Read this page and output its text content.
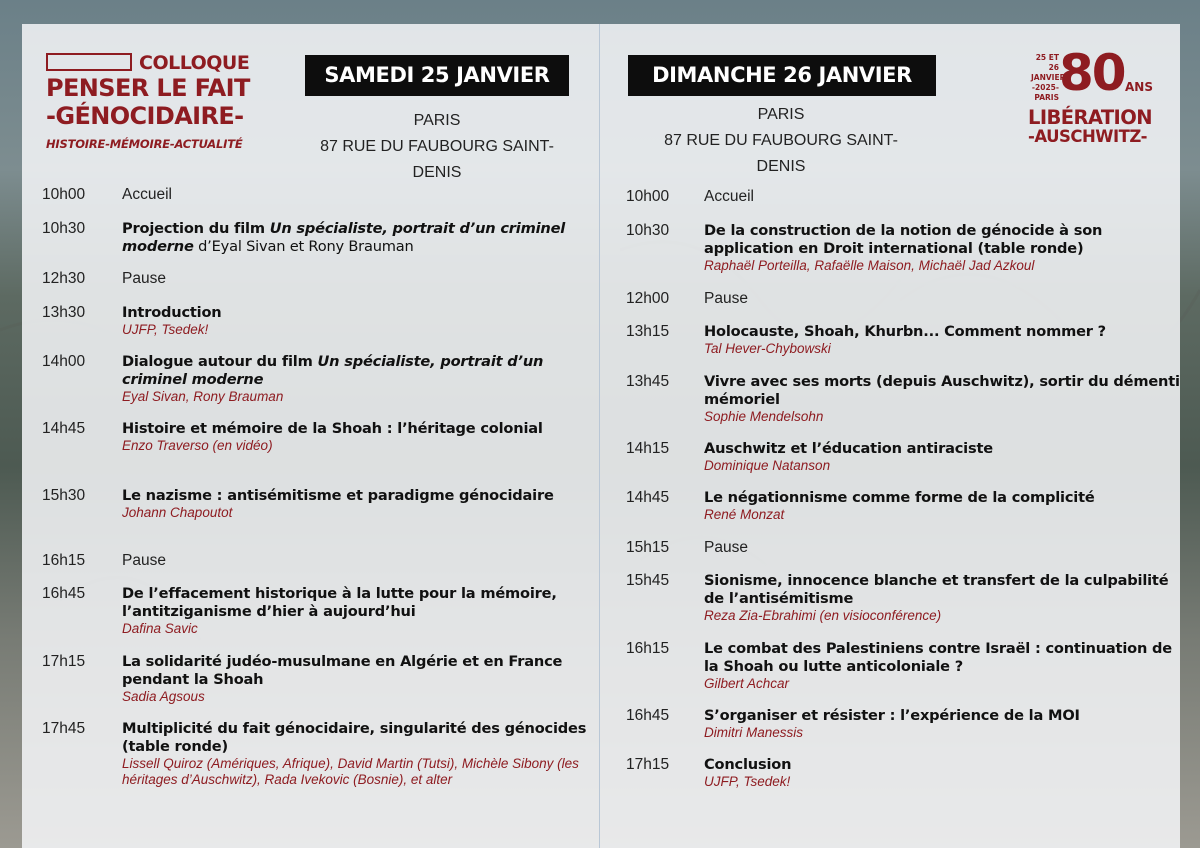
COLLOQUE
PENSER LE FAIT
-GÉNOCIDAIRE-
HISTOIRE-MÉMOIRE-ACTUALITÉ
SAMEDI 25 JANVIER
PARIS
87 RUE DU FAUBOURG SAINT-DENIS
DIMANCHE 26 JANVIER
PARIS
87 RUE DU FAUBOURG SAINT-DENIS
25 ET 26
JANVIER
-2025-
PARIS 80 ANS
LIBÉRATION
-AUSCHWITZ-
10h00 Accueil
10h30	Projection du film Un spécialiste, portrait d’un criminel moderne d’Eyal Sivan et Rony Brauman
12h30 Pause
13h30	Introduction
UJFP, Tsedek!
14h00	Dialogue autour du film Un spécialiste, portrait d’un criminel moderne
Eyal Sivan, Rony Brauman
14h45	Histoire et mémoire de la Shoah : l’héritage colonial
Enzo Traverso (en vidéo)
15h30	Le nazisme : antisémitisme et paradigme génocidaire
Johann Chapoutot
16h15 Pause
16h45	De l’effacement historique à la lutte pour la mémoire, l’antitziganisme d’hier à aujourd’hui
Dafina Savic
17h15	La solidarité judéo-musulmane en Algérie et en France pendant la Shoah
Sadia Agsous
17h45	Multiplicité du fait génocidaire, singularité des génocides (table ronde)
Lissell Quiroz (Amériques, Afrique), David Martin (Tutsi), Michèle Sibony (les héritages d’Auschwitz), Rada Ivekovic (Bosnie), et alter
10h00 Accueil
10h30 De la construction de la notion de génocide à son application en Droit international (table ronde)
Raphaël Porteilla, Rafaëlle Maison, Michaël Jad Azkoul
12h00 Pause
13h15 Holocauste, Shoah, Khurbn... Comment nommer ?
Tal Hever-Chybowski
13h45 Vivre avec ses morts (depuis Auschwitz), sortir du démenti mémoriel
Sophie Mendelsohn
14h15 Auschwitz et l’éducation antiraciste
Dominique Natanson
14h45 Le négationnisme comme forme de la complicité
René Monzat
15h15 Pause
15h45 Sionisme, innocence blanche et transfert de la culpabilité de l’antisémitisme
Reza Zia-Ebrahimi (en visioconférence)
16h15 Le combat des Palestiniens contre Israël : continuation de la Shoah ou lutte anticoloniale ?
Gilbert Achcar
16h45 S’organiser et résister : l’expérience de la MOI
Dimitri Manessis
17h15 Conclusion
UJFP, Tsedek!
